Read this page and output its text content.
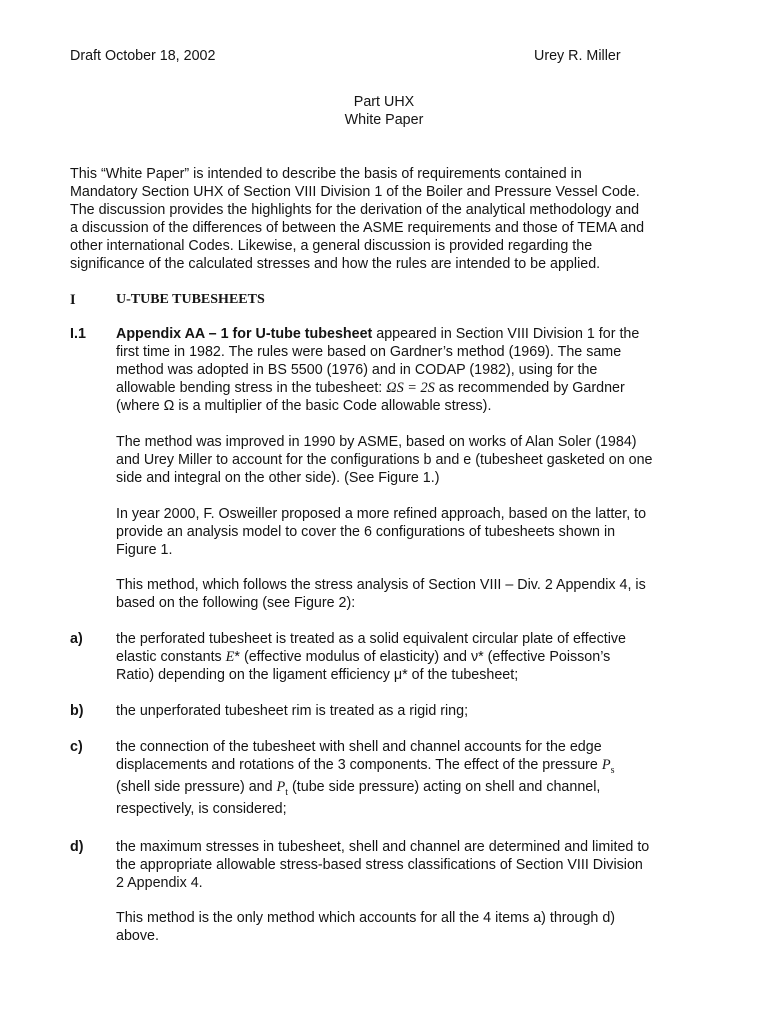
Draft October 18, 2002	Urey R. Miller
Part UHX
White Paper
This “White Paper” is intended to describe the basis of requirements contained in
Mandatory Section UHX of Section VIII Division 1 of the Boiler and Pressure Vessel Code.
The discussion provides the highlights for the derivation of the analytical methodology and
a discussion of the differences of between the ASME requirements and those of TEMA and
other international Codes. Likewise, a general discussion is provided regarding the
significance of the calculated stresses and how the rules are intended to be applied.
I	U-TUBE TUBESHEETS
I.1 Appendix AA – 1 for U-tube tubesheet appeared in Section VIII Division 1 for the
first time in 1982. The rules were based on Gardner’s method (1969). The same
method was adopted in BS 5500 (1976) and in CODAP (1982), using for the
allowable bending stress in the tubesheet: ΩS = 2S as recommended by Gardner
(where Ω is a multiplier of the basic Code allowable stress).
The method was improved in 1990 by ASME, based on works of Alan Soler (1984)
and Urey Miller to account for the configurations b and e (tubesheet gasketed on one
side and integral on the other side). (See Figure 1.)
In year 2000, F. Osweiller proposed a more refined approach, based on the latter, to
provide an analysis model to cover the 6 configurations of tubesheets shown in
Figure 1.
This method, which follows the stress analysis of Section VIII – Div. 2 Appendix 4, is
based on the following (see Figure 2):
a) the perforated tubesheet is treated as a solid equivalent circular plate of effective
elastic constants E* (effective modulus of elasticity) and ν* (effective Poisson’s
Ratio) depending on the ligament efficiency μ* of the tubesheet;
b) the unperforated tubesheet rim is treated as a rigid ring;
c) the connection of the tubesheet with shell and channel accounts for the edge
displacements and rotations of the 3 components. The effect of the pressure $P_s$
(shell side pressure) and $P_t$ (tube side pressure) acting on shell and channel,
respectively, is considered;
d) the maximum stresses in tubesheet, shell and channel are determined and limited to
the appropriate allowable stress-based stress classifications of Section VIII Division
2 Appendix 4.
This method is the only method which accounts for all the 4 items a) through d)
above.
